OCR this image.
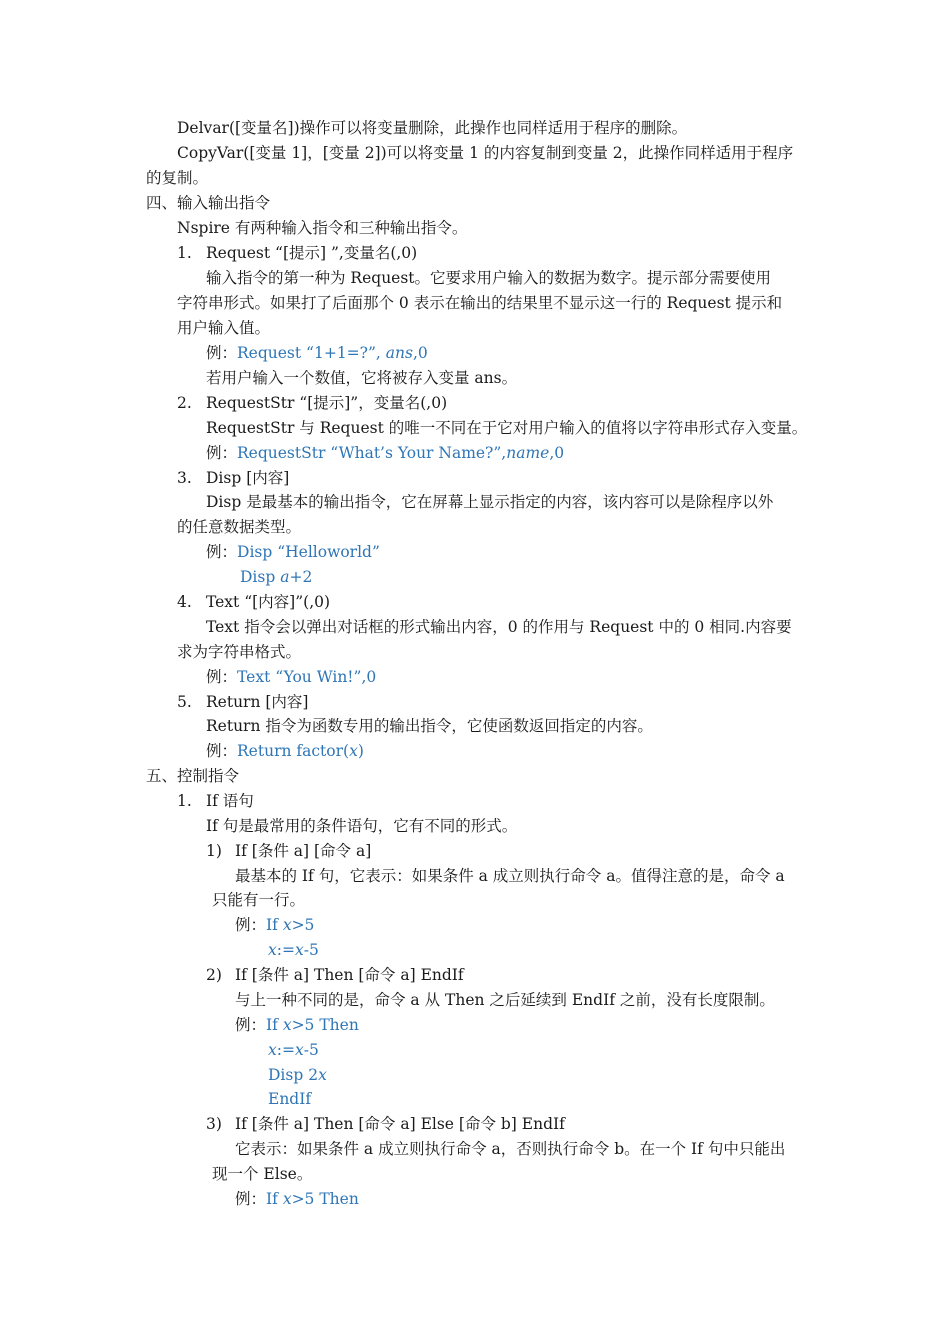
Delvar([变量名])操作可以将变量删除，此操作也同样适用于程序的删除。
CopyVar([变量 1]，[变量 2])可以将变量 1 的内容复制到变量 2，此操作同样适用于程序
的复制。
四、输入输出指令
Nspire 有两种输入指令和三种输出指令。
1. Request “[提示] ”,变量名(,0)
输入指令的第一种为 Request。它要求用户输入的数据为数字。提示部分需要使用
字符串形式。如果打了后面那个 0 表示在输出的结果里不显示这一行的 Request 提示和
用户输入值。
例：Request “1+1=?”, ans,0
若用户输入一个数值，它将被存入变量 ans。
2. RequestStr “[提示]”，变量名(,0)
RequestStr 与 Request 的唯一不同在于它对用户输入的值将以字符串形式存入变量。
例：RequestStr “What’s Your Name?”,name,0
3. Disp [内容]
Disp 是最基本的输出指令，它在屏幕上显示指定的内容，该内容可以是除程序以外
的任意数据类型。
例：Disp “Helloworld”
Disp a+2
4. Text “[内容]”(,0)
Text 指令会以弹出对话框的形式输出内容，0 的作用与 Request 中的 0 相同.内容要
求为字符串格式。
例：Text “You Win!”,0
5. Return [内容]
Return 指令为函数专用的输出指令，它使函数返回指定的内容。
例：Return factor(x)
五、控制指令
1. If 语句
If 句是最常用的条件语句，它有不同的形式。
1) If [条件 a] [命令 a]
最基本的 If 句，它表示：如果条件 a 成立则执行命令 a。值得注意的是，命令 a
只能有一行。
例：If x>5
x:=x-5
2) If [条件 a] Then [命令 a] EndIf
与上一种不同的是，命令 a 从 Then 之后延续到 EndIf 之前，没有长度限制。
例：If x>5 Then
x:=x-5
Disp 2x
EndIf
3) If [条件 a] Then [命令 a] Else [命令 b] EndIf
它表示：如果条件 a 成立则执行命令 a，否则执行命令 b。在一个 If 句中只能出
现一个 Else。
例：If x>5 Then
